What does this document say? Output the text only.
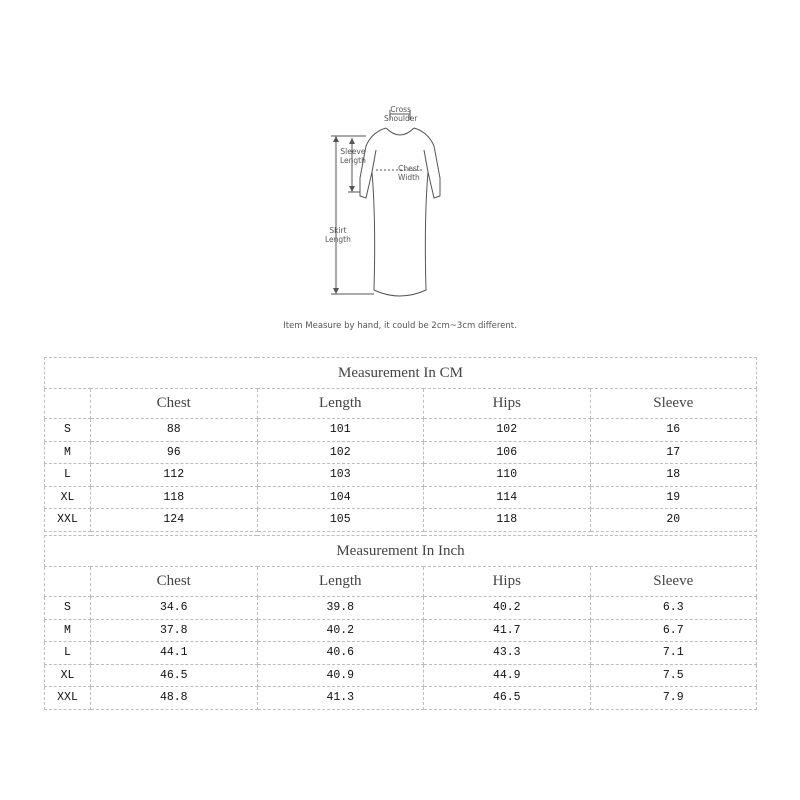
Cross
Shoulder
Sleeve
Length
Chest
Width
Skirt
Length
Item Measure by hand, it could be 2cm~3cm different.
Measurement In CM				
	Chest	Length	Hips	Sleeve
S	88	101	102	16
M	96	102	106	17
L	112	103	110	18
XL	118	104	114	19
XXL	124	105	118	20
Measurement In Inch				
	Chest	Length	Hips	Sleeve
S	34.6	39.8	40.2	6.3
M	37.8	40.2	41.7	6.7
L	44.1	40.6	43.3	7.1
XL	46.5	40.9	44.9	7.5
XXL	48.8	41.3	46.5	7.9
